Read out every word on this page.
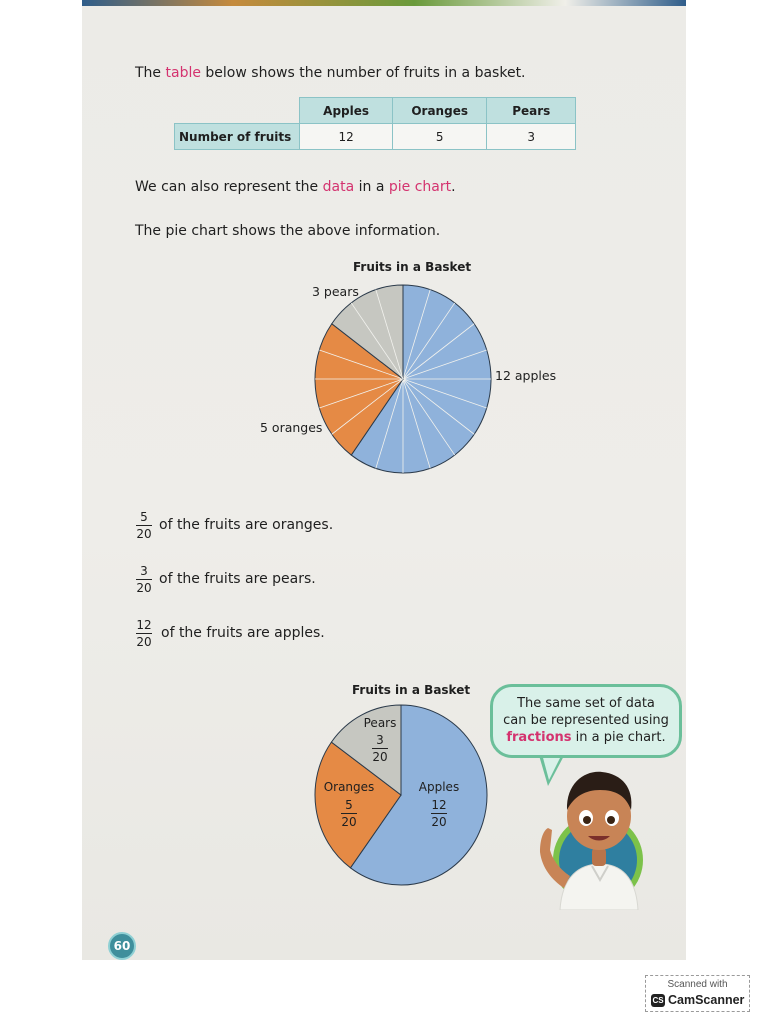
The table below shows the number of fruits in a basket.
	Apples	Oranges	Pears
Number of fruits	12	5	3
We can also represent the data in a pie chart.
The pie chart shows the above information.
Fruits in a Basket
3 pears
12 apples
5 oranges
5
20
of the fruits are oranges.
3
20
of the fruits are pears.
12
20
of the fruits are apples.
Fruits in a Basket
Pears
3
20
Oranges
5
20
Apples
12
20
The same set of data
can be represented using
fractions in a pie chart.
60
Scanned with
CS CamScanner
